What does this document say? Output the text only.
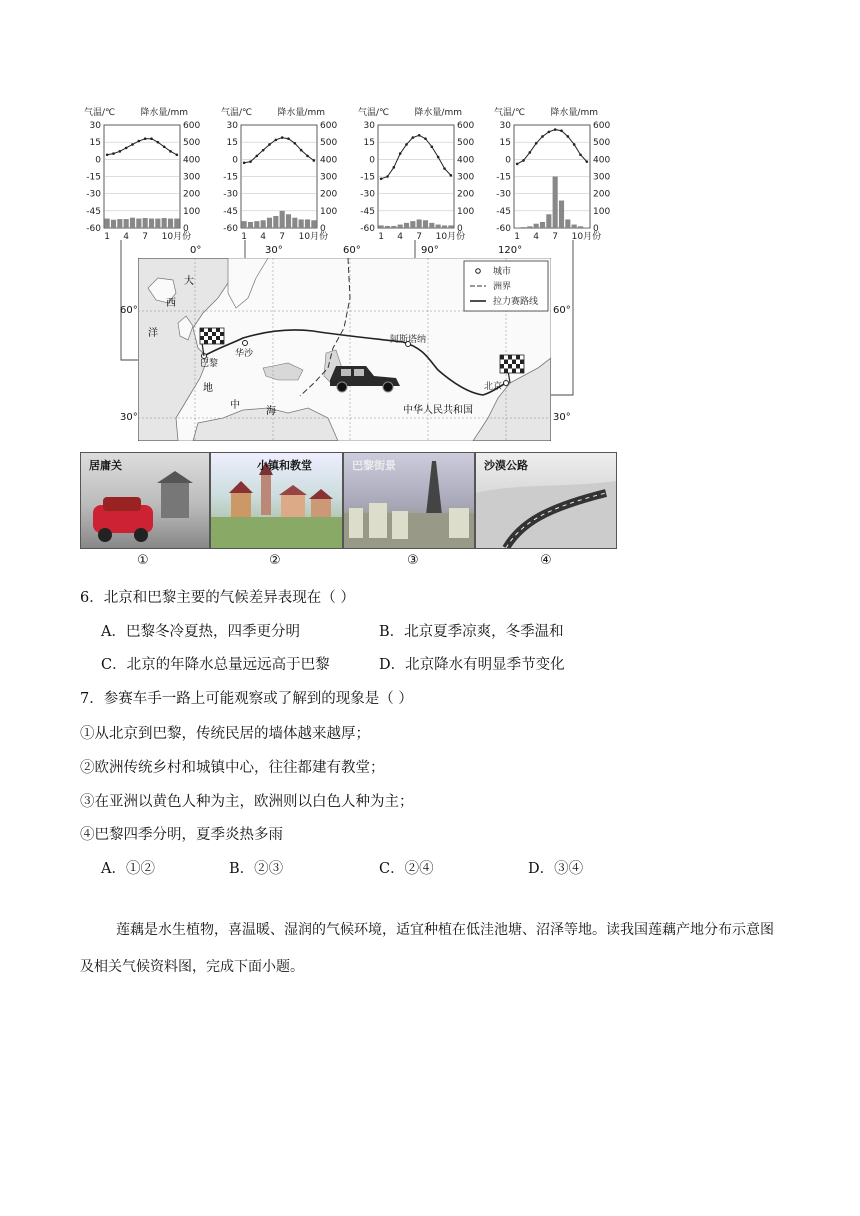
30	600
15	500
0	400
-15	300
-30	200
-45	100
-60	0
气温/℃	降水量/mm
1 4 7 10月份
30	600
15	500
0	400
-15	300
-30	200
-45	100
-60	0
气温/℃	降水量/mm
1 4 7 10月份
30	600
15	500
0	400
-15	300
-30	200
-45	100
-60	0
气温/℃	降水量/mm
1 4 7 10月份
30	600
15	500
0	400
-15	300
-30	200
-45	100
-60	0
气温/℃	降水量/mm
1 4 7 10月份
城市
洲界
拉力赛路线
大
西
洋
巴黎
华沙
阿斯塔纳
北京
地
中
海	中华人民共和国
0°	30°	60°	90°	120°
60°	60°
30°	30°
居庸关	小镇和教堂	巴黎街景	沙漠公路
①	②	③	④
6．北京和巴黎主要的气候差异表现在（ ）
A．巴黎冬冷夏热，四季更分明	B．北京夏季凉爽，冬季温和
C．北京的年降水总量远远高于巴黎	D．北京降水有明显季节变化
7．参赛车手一路上可能观察或了解到的现象是（ ）
①从北京到巴黎，传统民居的墙体越来越厚；
②欧洲传统乡村和城镇中心，往往都建有教堂；
③在亚洲以黄色人种为主，欧洲则以白色人种为主；
④巴黎四季分明，夏季炎热多雨
A．①②	B．②③	C．②④	D．③④
莲藕是水生植物，喜温暖、湿润的气候环境，适宜种植在低洼池塘、沼泽等地。读我国莲藕产地分布示意图及相关气候资料图，完成下面小题。
